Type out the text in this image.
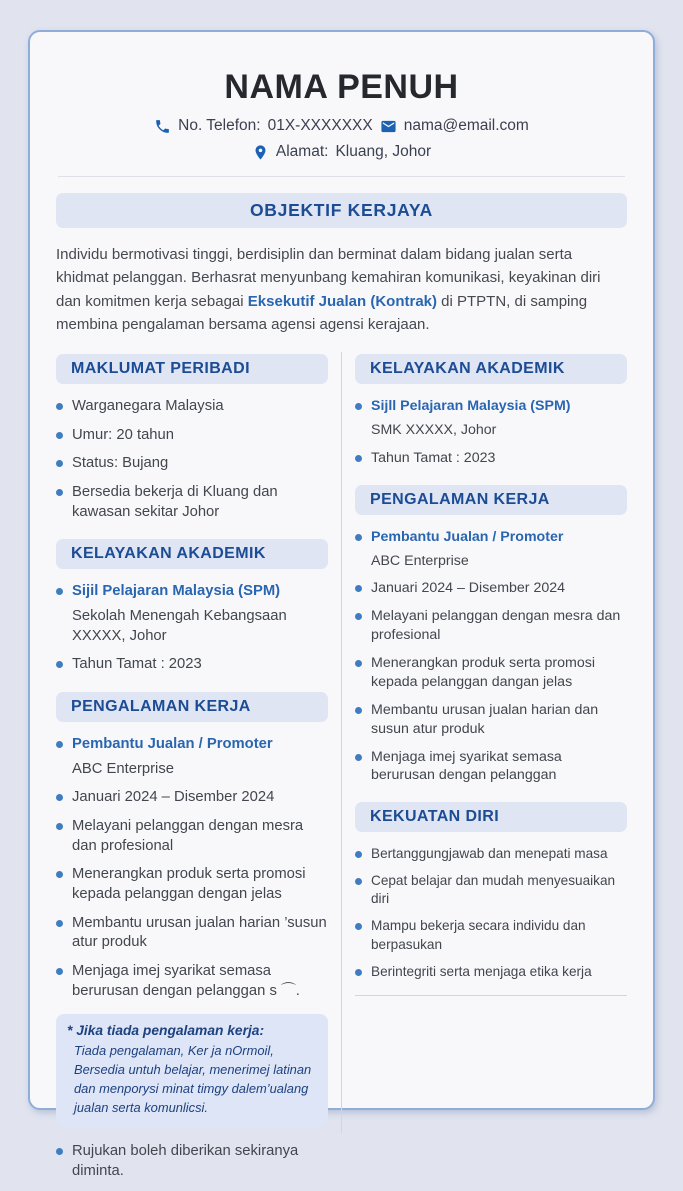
NAMA PENUH
No. Telefon: 01X-XXXXXXX nama@email.com
Alamat: Kluang, Johor
OBJEKTIF KERJAYA

Individu bermotivasi tinggi, berdisiplin dan berminat dalam bidang jualan serta khidmat pelanggan. Berhasrat menyunbang kemahiran komunikasi, keyakinan diri dan komitmen kerja sebagai Eksekutif Jualan (Kontrak) di PTPTN, di samping membina pengalaman bersama agensi agensi kerajaan.

MAKLUMAT PERIBADI
Warganegara Malaysia
Umur: 20 tahun
Status: Bujang
Bersedia bekerja di Kluang dan kawasan sekitar Johor
KELAYAKAN AKADEMIK
Sijil Pelajaran Malaysia (SPM)
Sekolah Menengah Kebangsaan XXXXX, Johor
Tahun Tamat : 2023
PENGALAMAN KERJA
Pembantu Jualan / Promoter
ABC Enterprise
Januari 2024 – Disember 2024
Melayani pelanggan dengan mesra dan profesional
Menerangkan produk serta promosi kepada pelanggan dengan jelas
Membantu urusan jualan harian ’susun atur produk
Menjaga imej syarikat semasa berurusan dengan pelanggan s ⌒.
* Jika tiada pengalaman kerja:
Tiada pengalaman, Ker ja nOrmoil, Bersedia untuh belajar, menerimej latinan dan menporysi minat timgy dalem’ualang jualan serta komunlicsi.
Rujukan boleh diberikan sekiranya diminta.
KELAYAKAN AKADEMIK
Sijll Pelajaran Malaysia (SPM)
SMK XXXXX, Johor
Tahun Tamat : 2023
PENGALAMAN KERJA
Pembantu Jualan / Promoter
ABC Enterprise
Januari 2024 – Disember 2024
Melayani pelanggan dengan mesra dan profesional
Menerangkan produk serta promosi kepada pelanggan dangan jelas
Membantu urusan jualan harian dan susun atur produk
Menjaga imej syarikat semasa berurusan dengan pelanggan
KEKUATAN DIRI
Bertanggungjawab dan menepati masa
Cepat belajar dan mudah menyesuaikan diri
Mampu bekerja secara individu dan berpasukan
Berintegriti serta menjaga etika kerja
